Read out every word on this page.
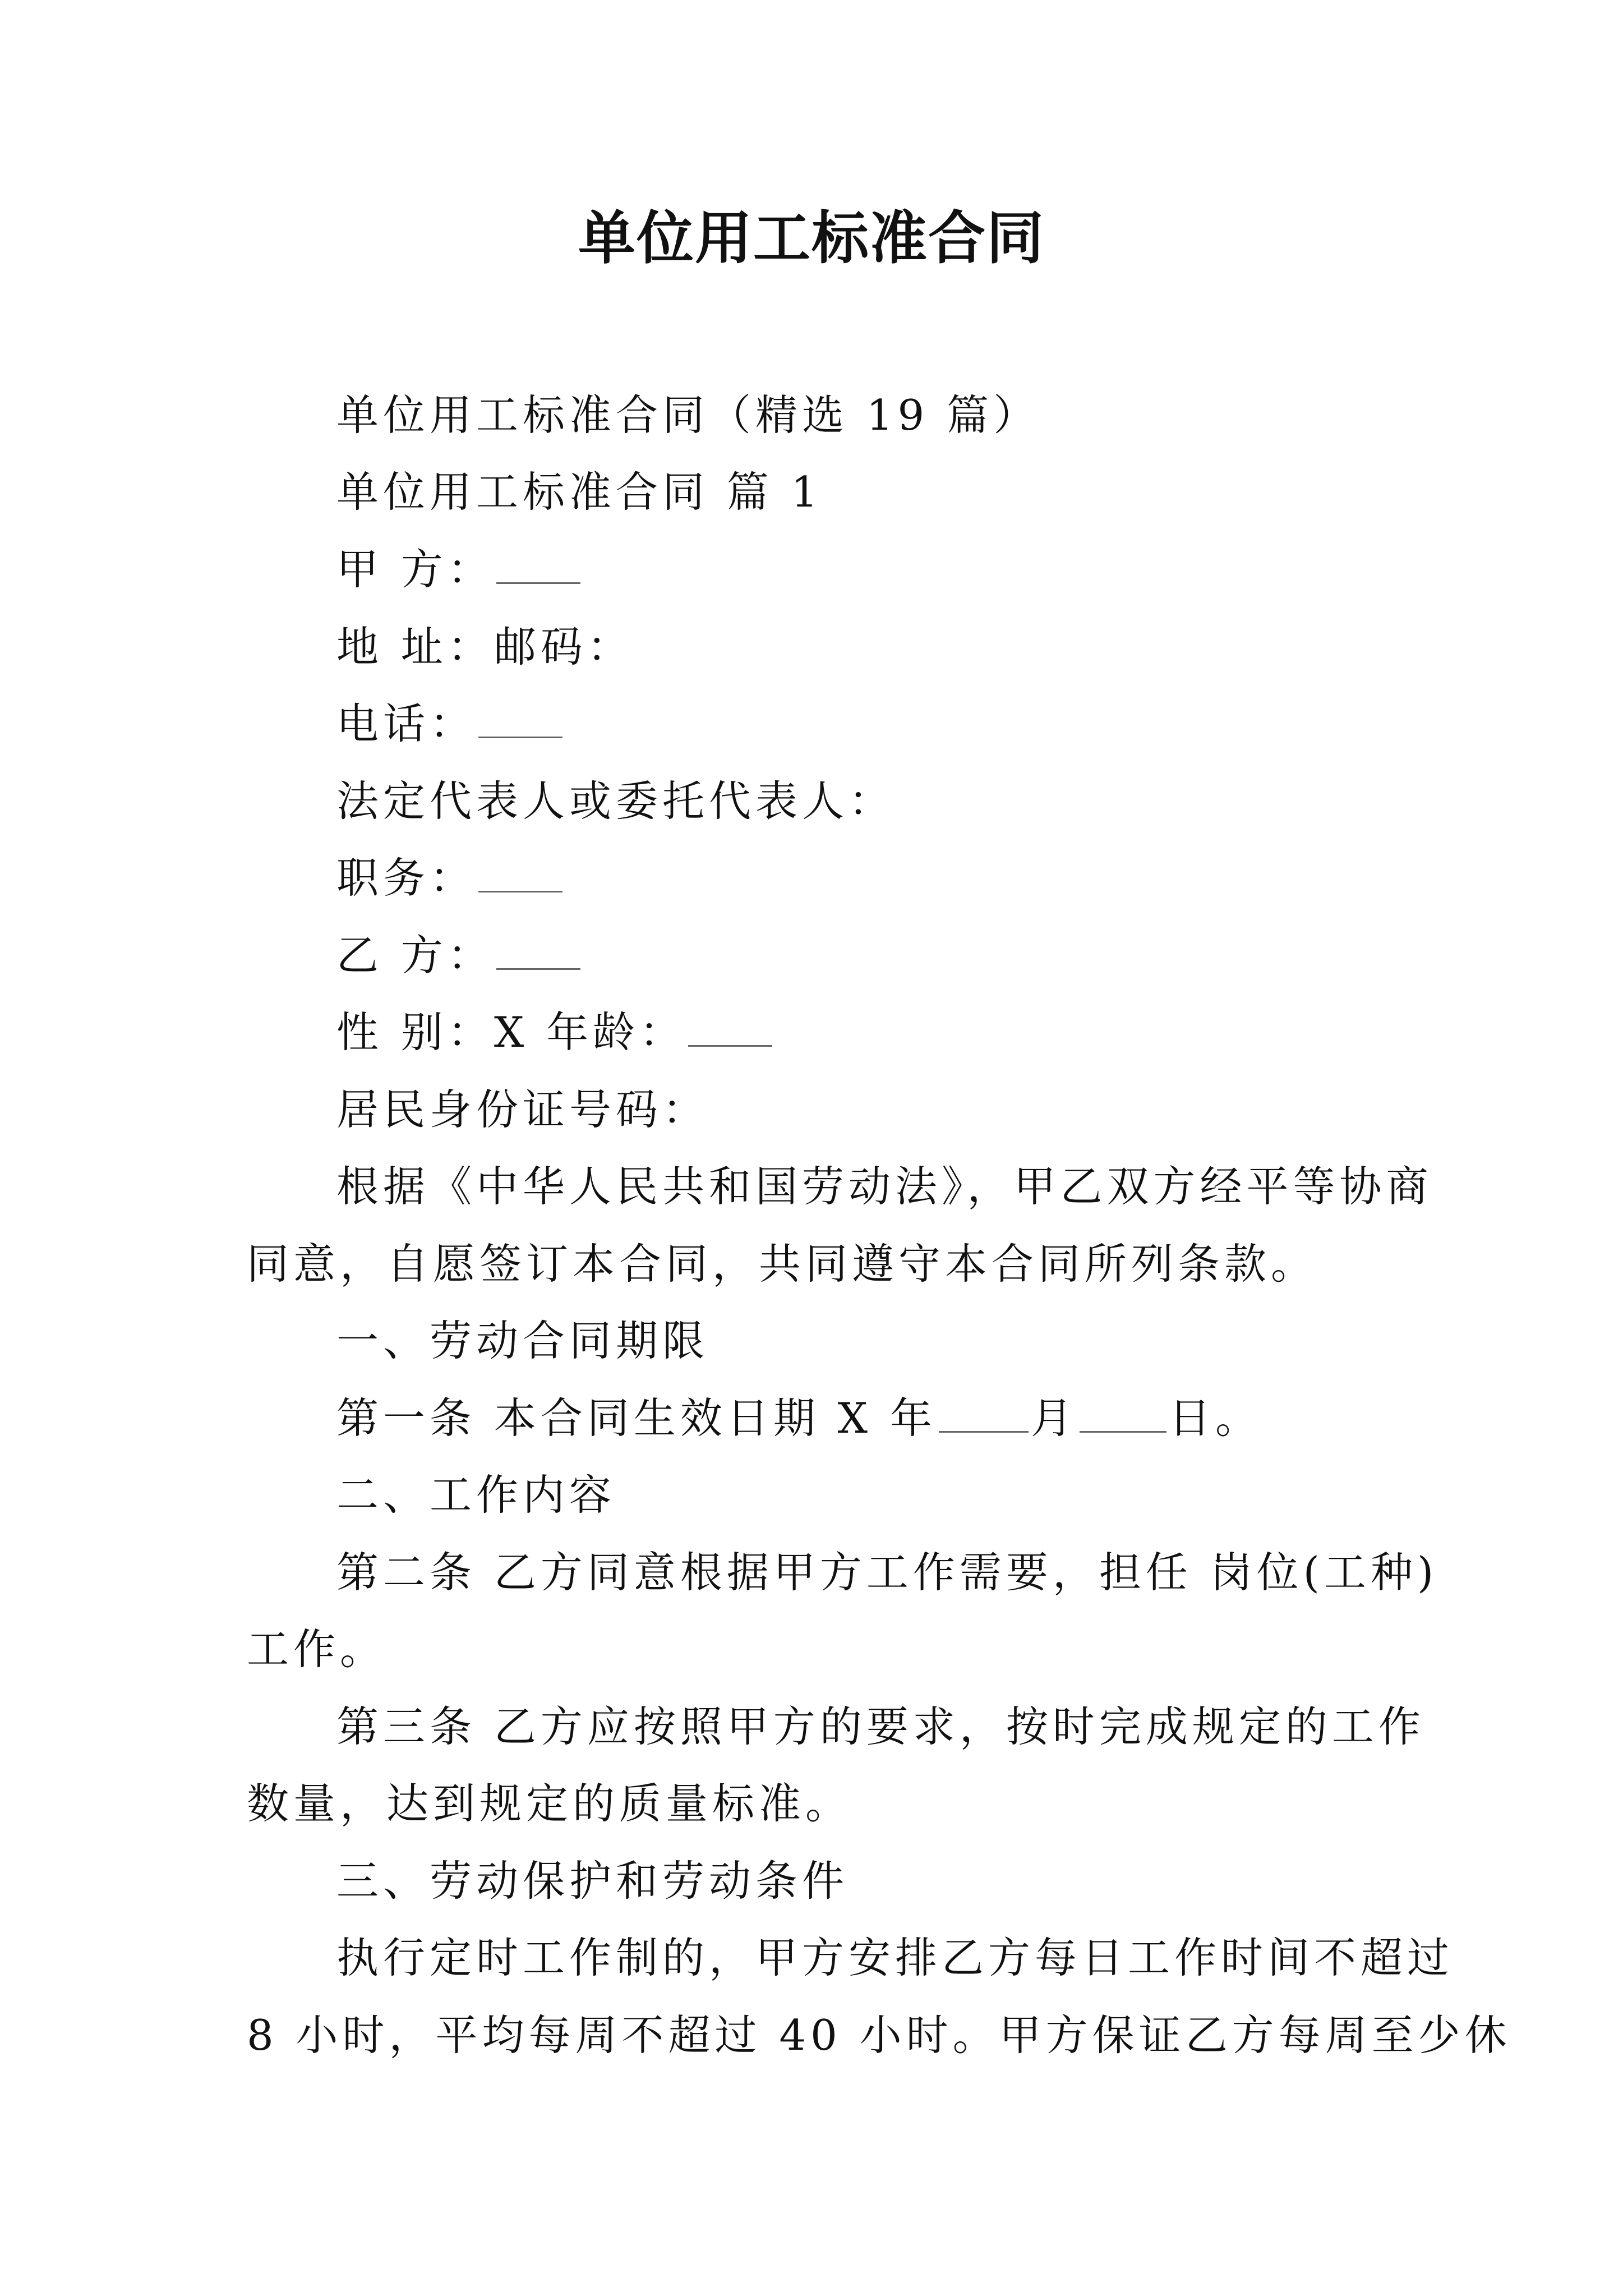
单位用工标准合同

单位用工标准合同（精选 19 篇）

单位用工标准合同 篇 1

甲 方：

地 址：邮码：

电话：

法定代表人或委托代表人：

职务：

乙 方：

性 别：X 年龄：

居民身份证号码：

根据《中华人民共和国劳动法》，甲乙双方经平等协商

同意，自愿签订本合同，共同遵守本合同所列条款。

一、劳动合同期限

第一条 本合同生效日期 X 年 月 日。

二、工作内容

第二条 乙方同意根据甲方工作需要，担任 岗位(工种)

工作。

第三条 乙方应按照甲方的要求，按时完成规定的工作

数量，达到规定的质量标准。

三、劳动保护和劳动条件

执行定时工作制的，甲方安排乙方每日工作时间不超过

8 小时，平均每周不超过 40 小时。甲方保证乙方每周至少休
